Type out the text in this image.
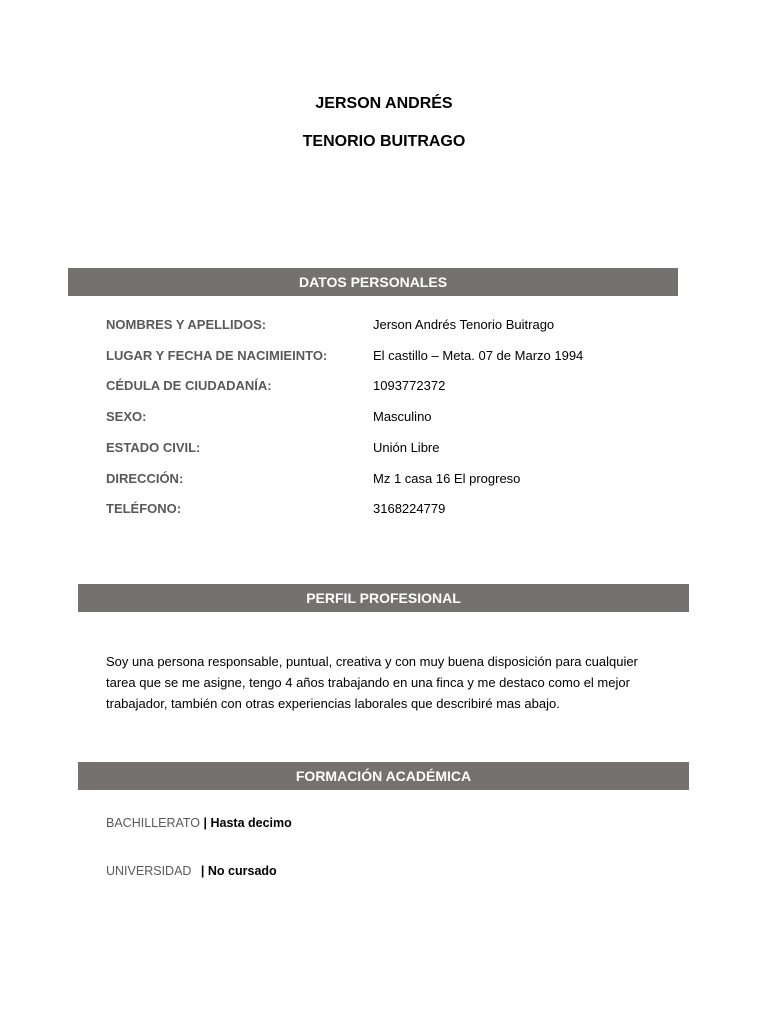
JERSON ANDRÉS
TENORIO BUITRAGO
DATOS PERSONALES
NOMBRES Y APELLIDOS:	Jerson Andrés Tenorio Buitrago
LUGAR Y FECHA DE NACIMIEINTO:	El castillo – Meta. 07 de Marzo 1994
CÉDULA DE CIUDADANÍA:	1093772372
SEXO:	Masculino
ESTADO CIVIL:	Unión Libre
DIRECCIÓN:	Mz 1 casa 16 El progreso
TELÉFONO:	3168224779
PERFIL PROFESIONAL

Soy una persona responsable, puntual, creativa y con muy buena disposición para cualquier tarea que se me asigne, tengo 4 años trabajando en una finca y me destaco como el mejor trabajador, también con otras experiencias laborales que describiré mas abajo.

FORMACIÓN ACADÉMICA
BACHILLERATO | Hasta decimo
UNIVERSIDAD | No cursado
